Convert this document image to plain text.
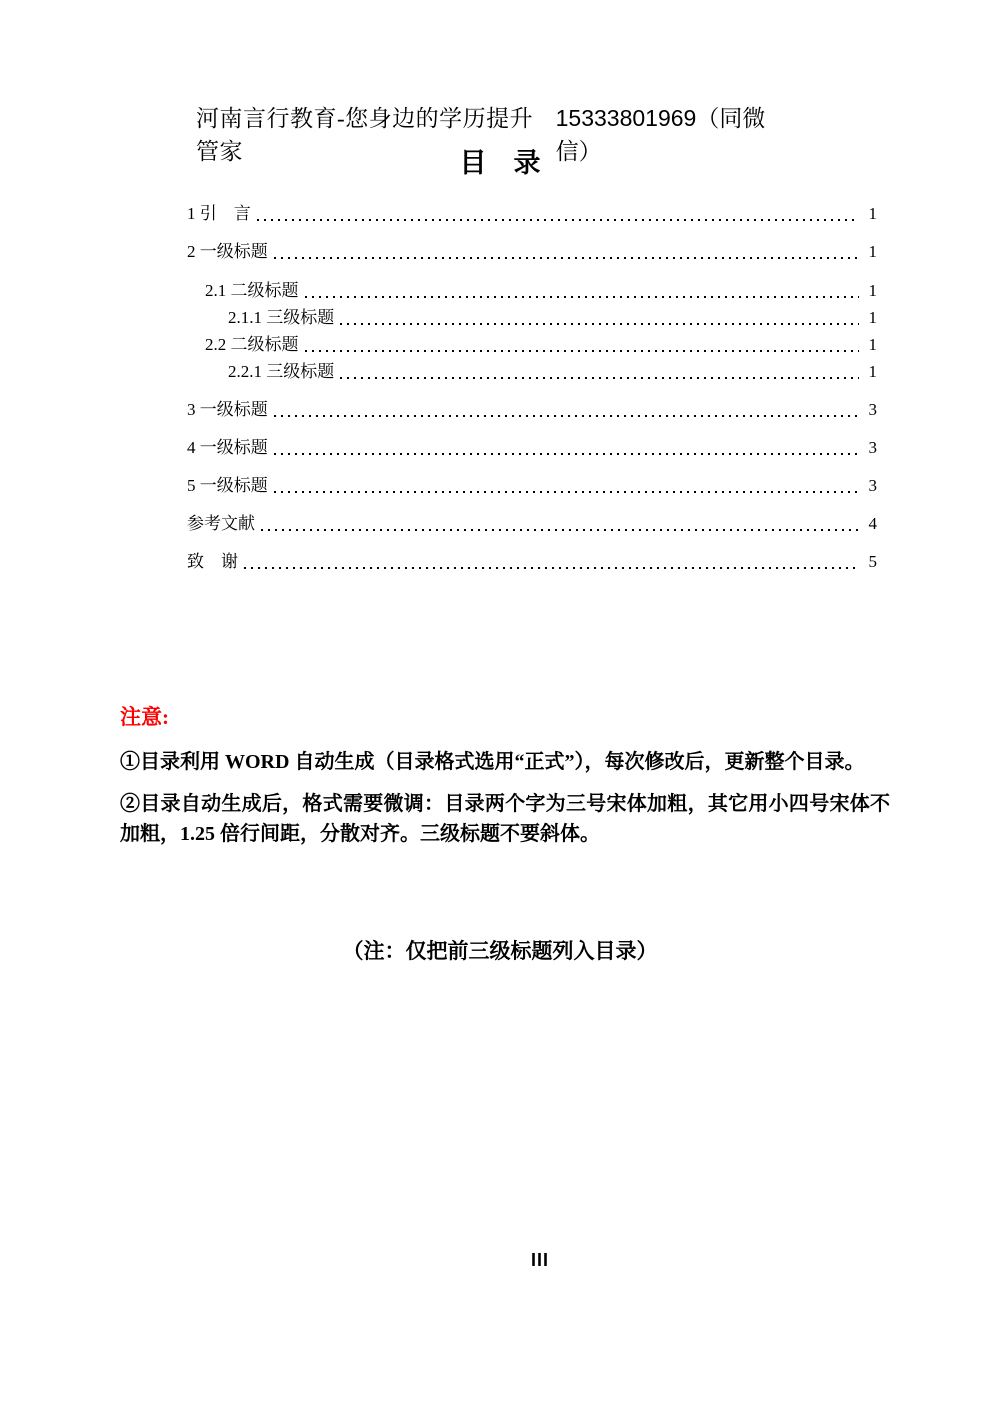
河南言行教育-您身边的学历提升管家
15333801969（同微信）
目　录
1 引　言	1
2 一级标题	1
2.1 二级标题	1
2.1.1 三级标题	1
2.2 二级标题	1
2.2.1 三级标题	1
3 一级标题	3
4 一级标题	3
5 一级标题	3
参考文献	4
致　谢	5
注意:
①目录利用 WORD 自动生成（目录格式选用“正式”），每次修改后，更新整个目录。
②目录自动生成后，格式需要微调：目录两个字为三号宋体加粗，其它用小四号宋体不加粗，1.25 倍行间距，分散对齐。三级标题不要斜体。
（注：仅把前三级标题列入目录）
III
